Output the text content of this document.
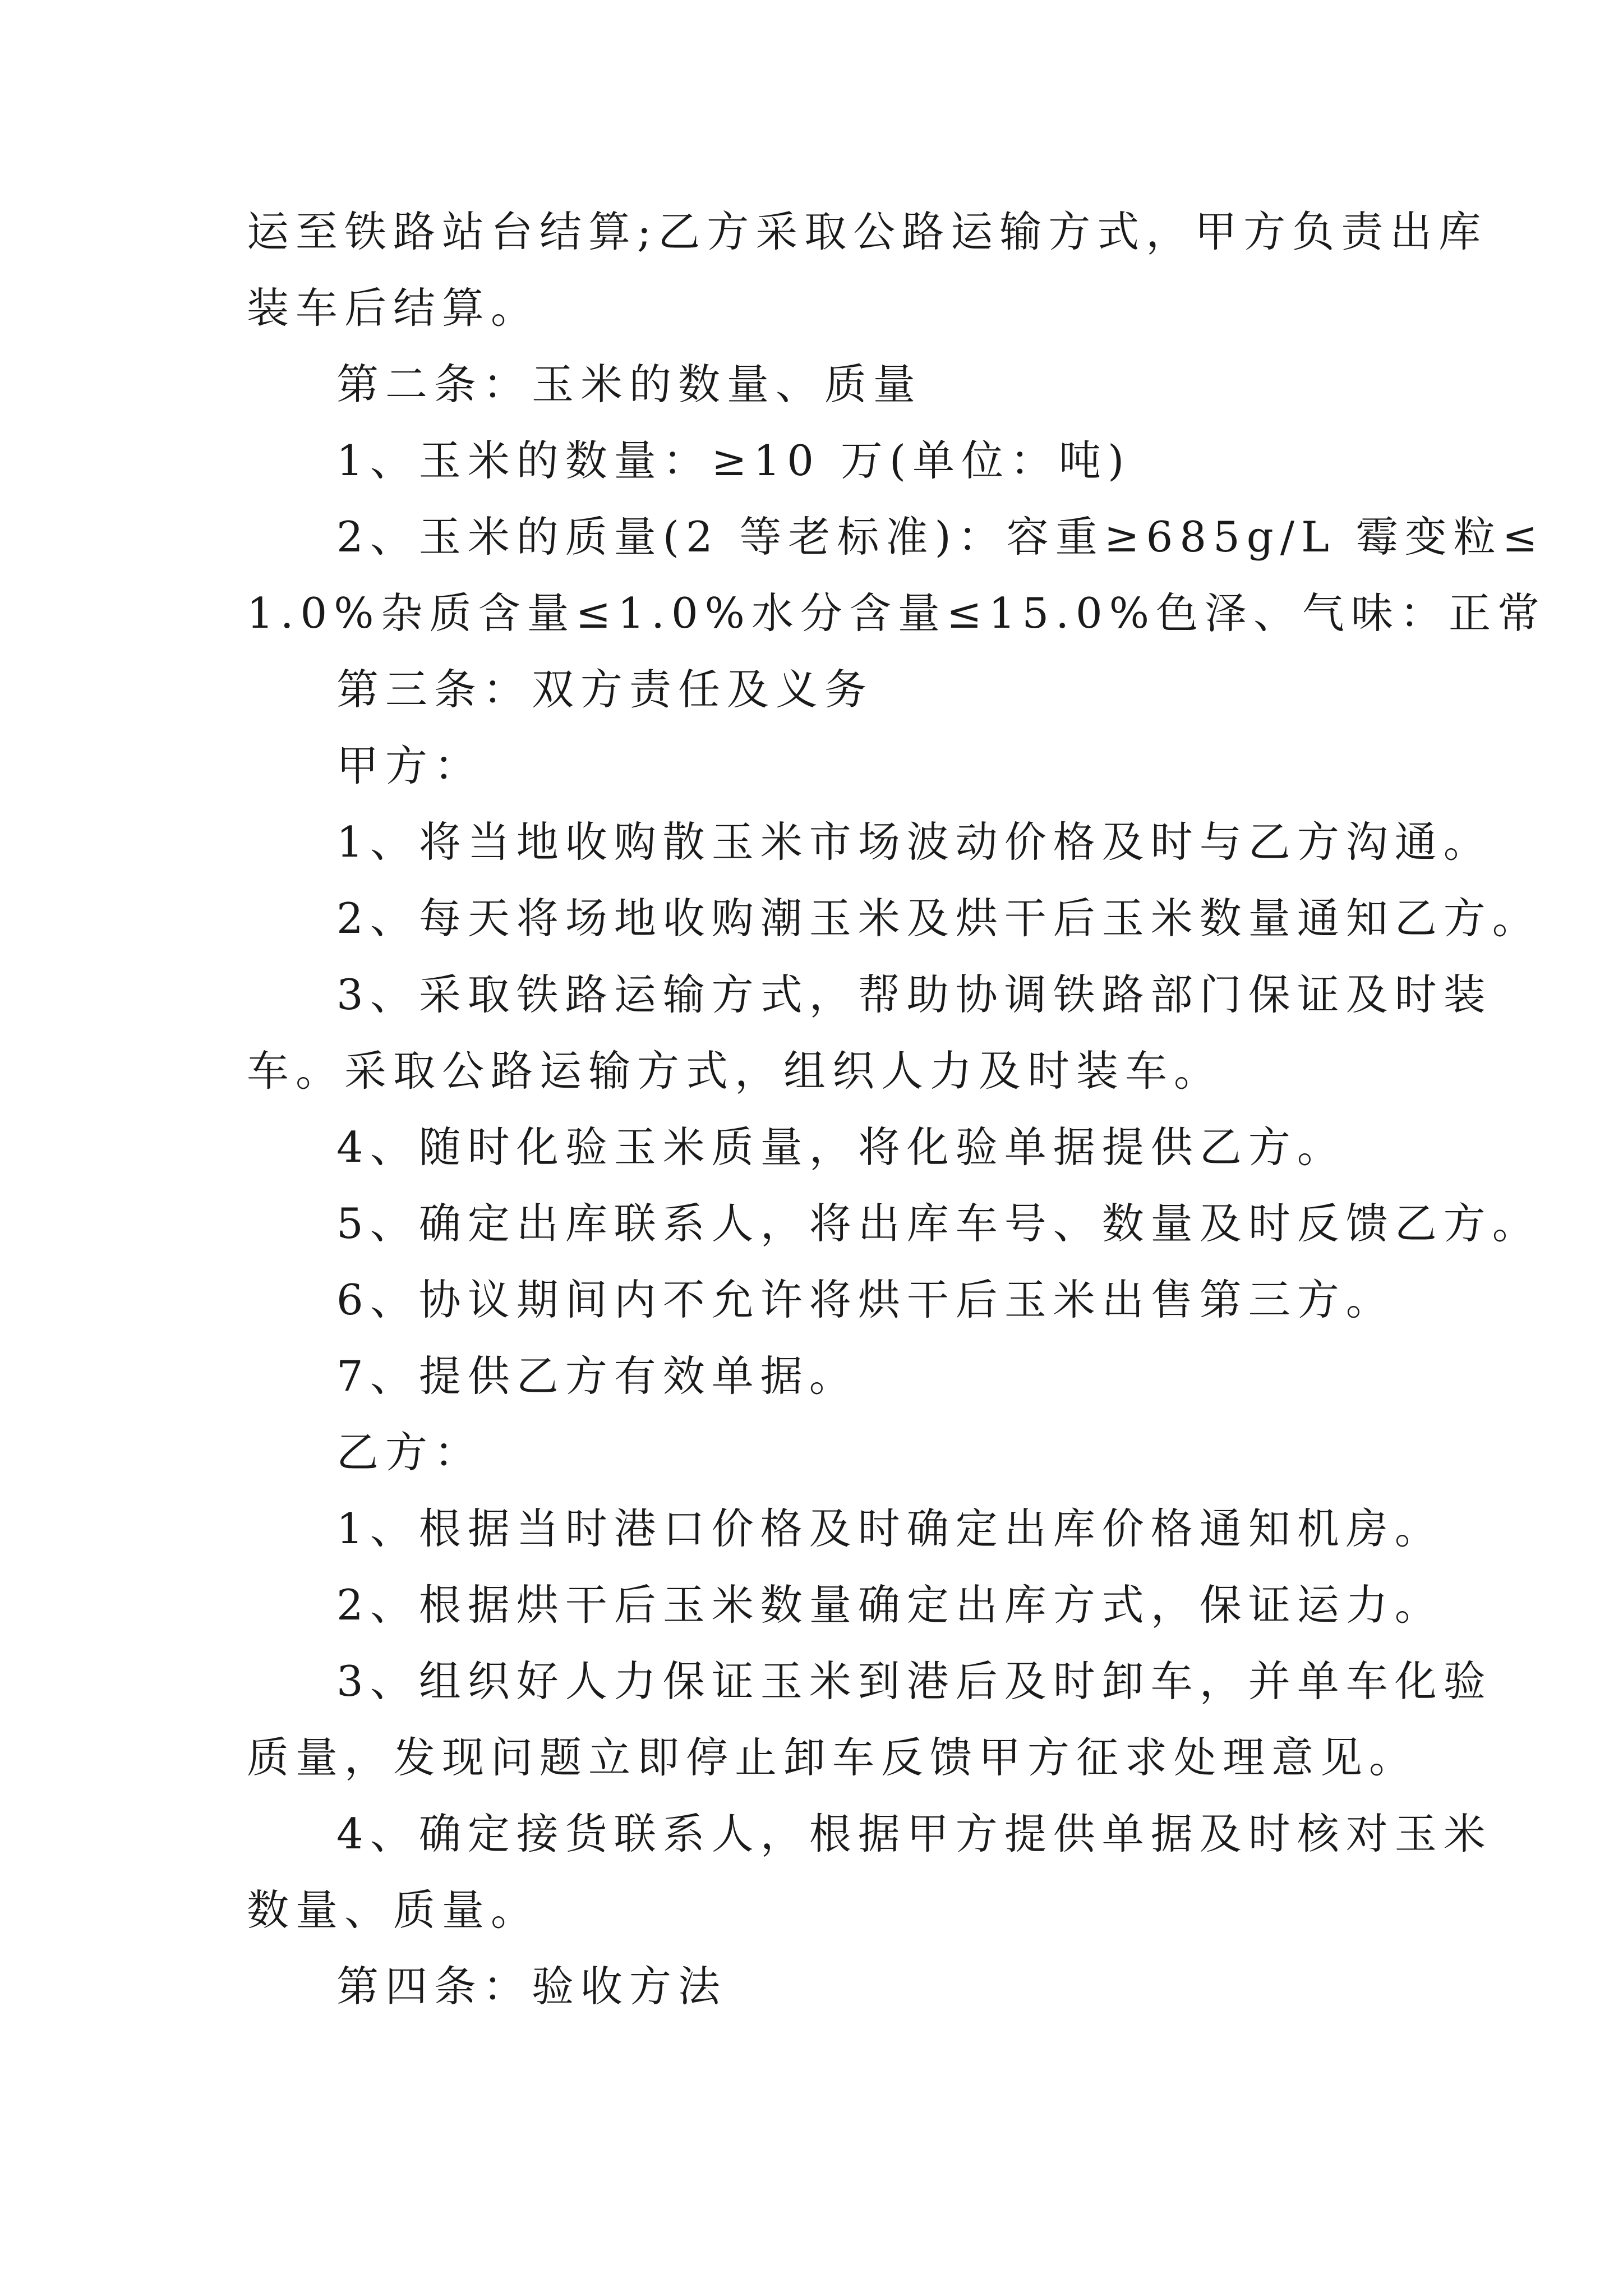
运至铁路站台结算;乙方采取公路运输方式，甲方负责出库
装车后结算。
第二条：玉米的数量、质量
1、玉米的数量：≥10 万(单位：吨)
2、玉米的质量(2 等老标准)：容重≥685g/L 霉变粒≤
1.0%杂质含量≤1.0%水分含量≤15.0%色泽、气味：正常
第三条：双方责任及义务
甲方：
1、将当地收购散玉米市场波动价格及时与乙方沟通。
2、每天将场地收购潮玉米及烘干后玉米数量通知乙方。
3、采取铁路运输方式，帮助协调铁路部门保证及时装
车。采取公路运输方式，组织人力及时装车。
4、随时化验玉米质量，将化验单据提供乙方。
5、确定出库联系人，将出库车号、数量及时反馈乙方。
6、协议期间内不允许将烘干后玉米出售第三方。
7、提供乙方有效单据。
乙方：
1、根据当时港口价格及时确定出库价格通知机房。
2、根据烘干后玉米数量确定出库方式，保证运力。
3、组织好人力保证玉米到港后及时卸车，并单车化验
质量，发现问题立即停止卸车反馈甲方征求处理意见。
4、确定接货联系人，根据甲方提供单据及时核对玉米
数量、质量。
第四条：验收方法
